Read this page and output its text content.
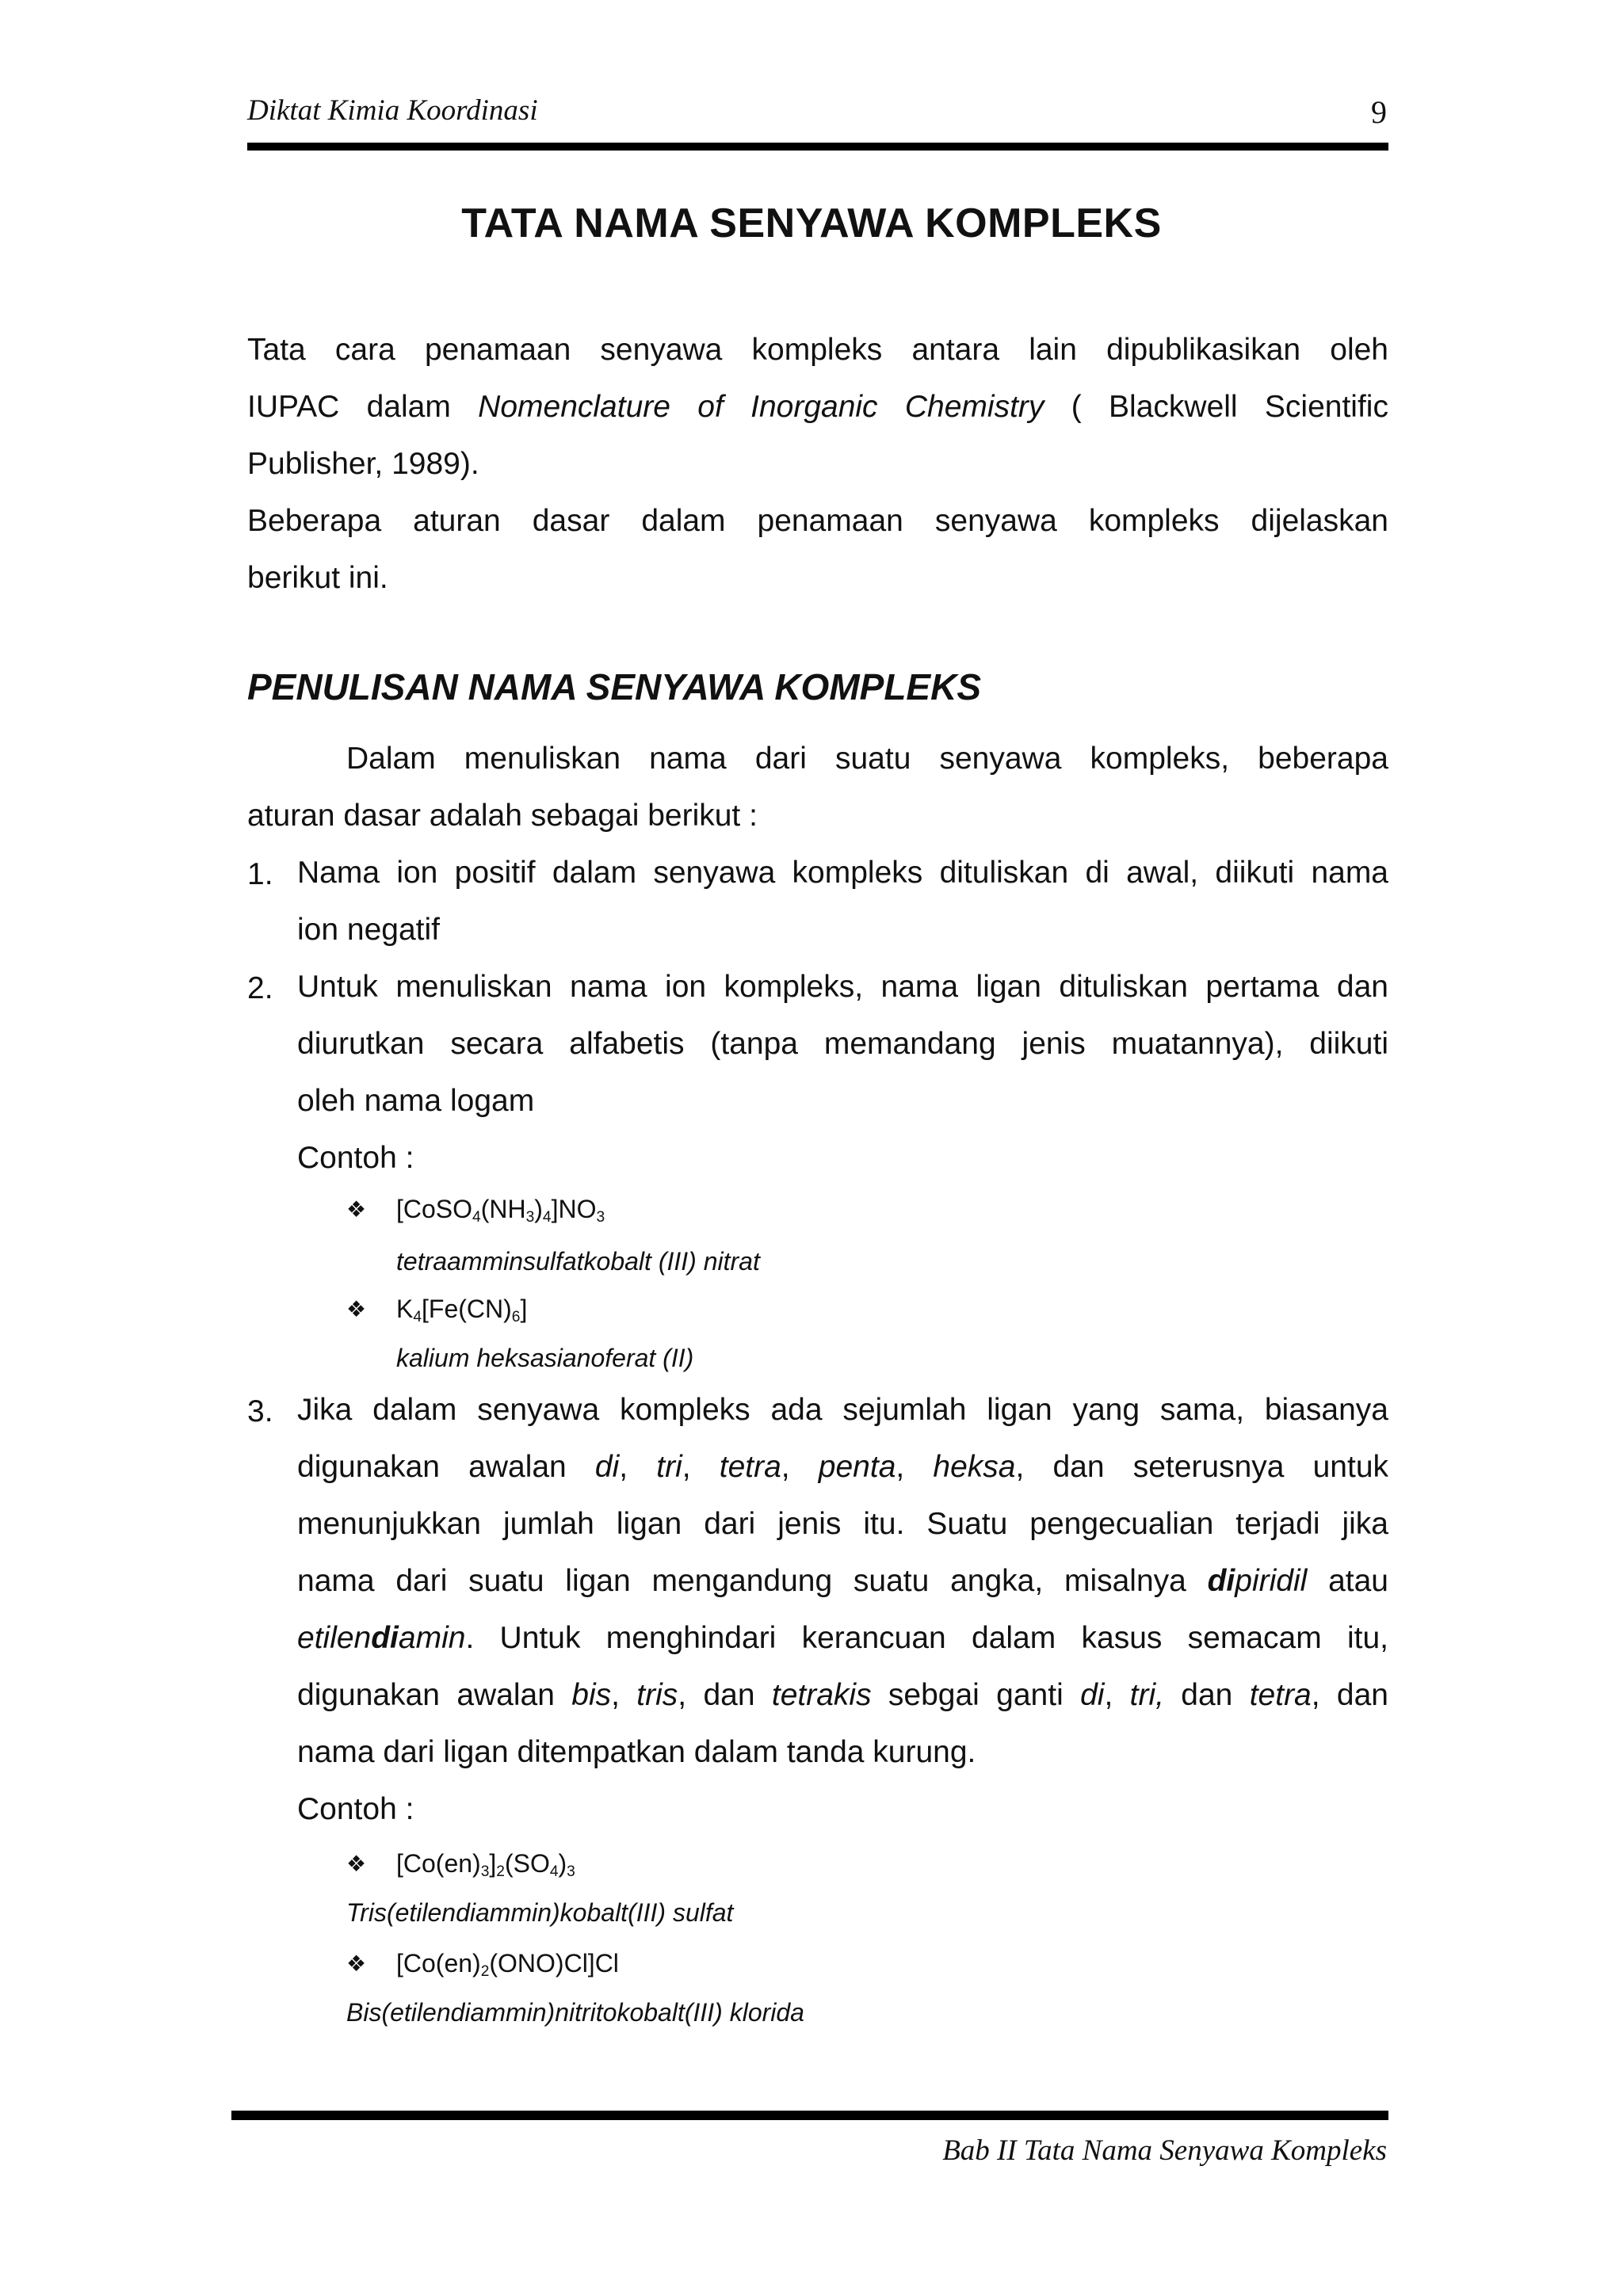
Diktat Kimia Koordinasi	9
TATA NAMA SENYAWA KOMPLEKS
Tata cara penamaan senyawa kompleks antara lain dipublikasikan oleh
IUPAC dalam Nomenclature of Inorganic Chemistry ( Blackwell Scientific
Publisher, 1989).
Beberapa aturan dasar dalam penamaan senyawa kompleks dijelaskan
berikut ini.
PENULISAN NAMA SENYAWA KOMPLEKS
Dalam menuliskan nama dari suatu senyawa kompleks, beberapa
aturan dasar adalah sebagai berikut :
1. Nama ion positif dalam senyawa kompleks dituliskan di awal, diikuti nama
ion negatif
2. Untuk menuliskan nama ion kompleks, nama ligan dituliskan pertama dan
diurutkan secara alfabetis (tanpa memandang jenis muatannya), diikuti
oleh nama logam
Contoh :
❖ $[CoSO_4(NH_3)_4]NO_3$
tetraamminsulfatkobalt (III) nitrat
❖ $K_4[Fe(CN)_6]$
kalium heksasianoferat (II)
3. Jika dalam senyawa kompleks ada sejumlah ligan yang sama, biasanya
digunakan awalan di, tri, tetra, penta, heksa, dan seterusnya untuk
menunjukkan jumlah ligan dari jenis itu. Suatu pengecualian terjadi jika
nama dari suatu ligan mengandung suatu angka, misalnya dipiridil atau
etilendiamin. Untuk menghindari kerancuan dalam kasus semacam itu,
digunakan awalan bis, tris, dan tetrakis sebgai ganti di, tri, dan tetra, dan
nama dari ligan ditempatkan dalam tanda kurung.
Contoh :
❖ $[Co(en)_3]_2(SO_4)_3$
Tris(etilendiammin)kobalt(III) sulfat
❖ $[Co(en)_2(ONO)Cl]Cl$
Bis(etilendiammin)nitritokobalt(III) klorida
Bab II Tata Nama Senyawa Kompleks
